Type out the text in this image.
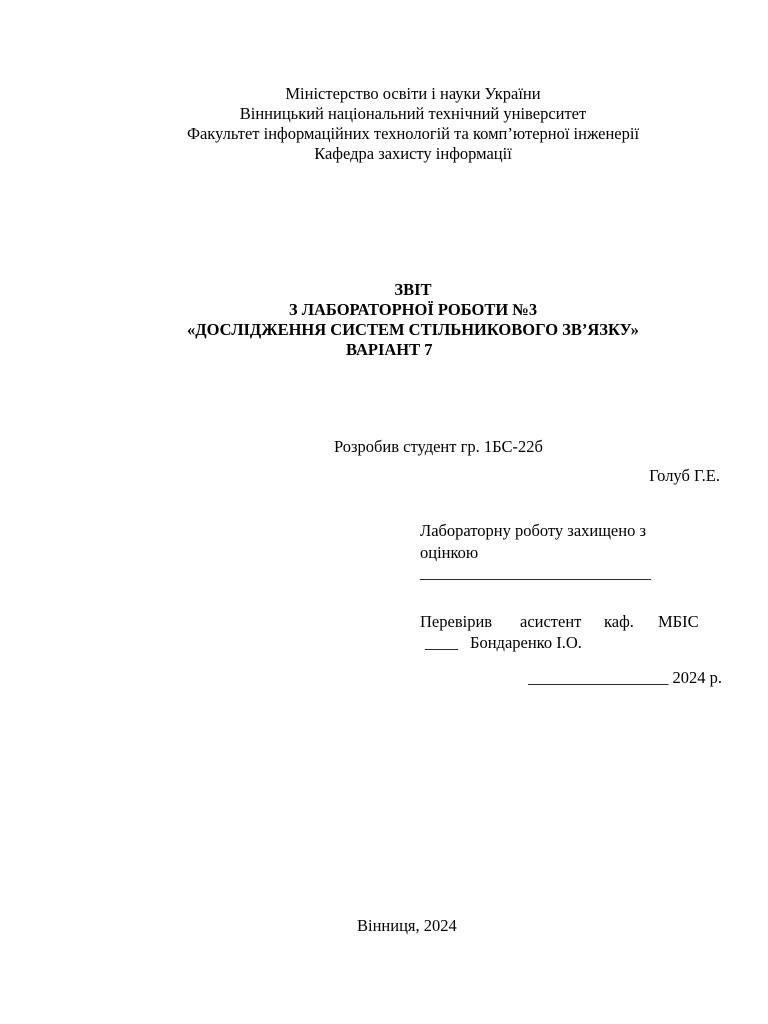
Міністерство освіти і науки України
Вінницький національний технічний університет
Факультет інформаційних технологій та комп’ютерної інженерії
Кафедра захисту інформації
ЗВІТ
З ЛАБОРАТОРНОЇ РОБОТИ №3
«ДОСЛІДЖЕННЯ СИСТЕМ СТІЛЬНИКОВОГО ЗВ’ЯЗКУ»
ВАРІАНТ 7
Розробив студент гр. 1БС-22б
Голуб Г.Е.
Лабораторну роботу захищено з
оцінкою
____________________________
Перевірив асистент каф. МБІС
____ Бондаренко І.О.
_________________ 2024 р.
Вінниця, 2024
